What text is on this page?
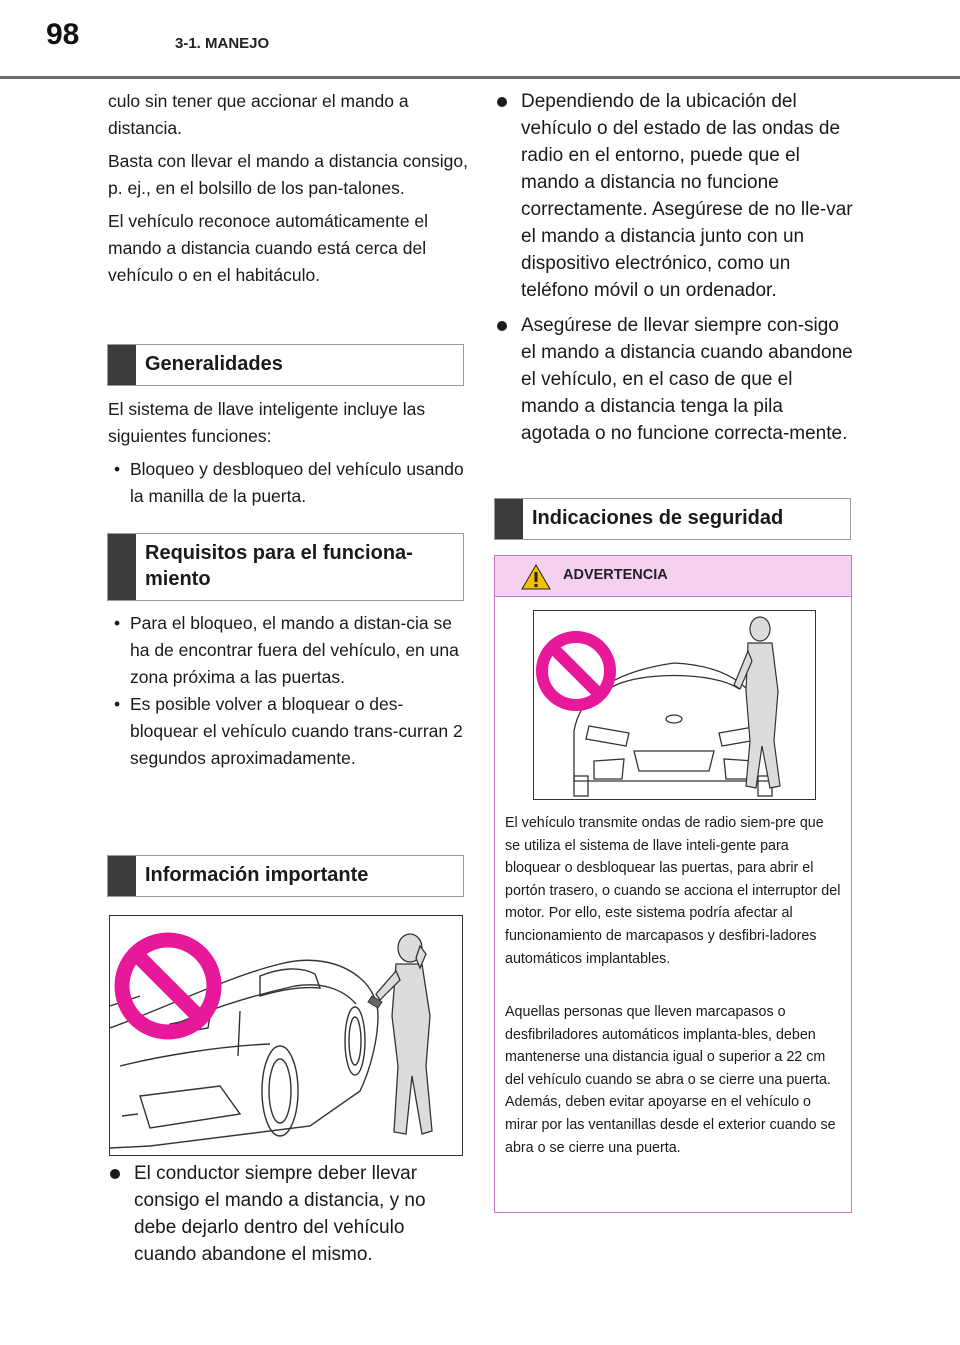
98	3-1. MANEJO

culo sin tener que accionar el mando a distancia.

Basta con llevar el mando a distancia consigo, p. ej., en el bolsillo de los pan-talones.

El vehículo reconoce automáticamente el mando a distancia cuando está cerca del vehículo o en el habitáculo.

Generalidades

El sistema de llave inteligente incluye las siguientes funciones:

• Bloqueo y desbloqueo del vehículo usando la manilla de la puerta.
Requisitos para el funciona-
miento
• Para el bloqueo, el mando a distan-cia se ha de encontrar fuera del vehículo, en una zona próxima a las puertas.
• Es posible volver a bloquear o des-bloquear el vehículo cuando trans-curran 2 segundos aproximadamente.
Información importante
El conductor siempre deber llevar consigo el mando a distancia, y no debe dejarlo dentro del vehículo cuando abandone el mismo.
Dependiendo de la ubicación del vehículo o del estado de las ondas de radio en el entorno, puede que el mando a distancia no funcione correctamente. Asegúrese de no lle-var el mando a distancia junto con un dispositivo electrónico, como un teléfono móvil o un ordenador.
Asegúrese de llevar siempre con-sigo el mando a distancia cuando abandone el vehículo, en el caso de que el mando a distancia tenga la pila agotada o no funcione correcta-mente.
Indicaciones de seguridad
ADVERTENCIA

El vehículo transmite ondas de radio siem-pre que se utiliza el sistema de llave inteli-gente para bloquear o desbloquear las puertas, para abrir el portón trasero, o cuando se acciona el interruptor del motor. Por ello, este sistema podría afectar al funcionamiento de marcapasos y desfibri-ladores automáticos implantables.

Aquellas personas que lleven marcapasos o desfibriladores automáticos implanta-bles, deben mantenerse una distancia igual o superior a 22 cm del vehículo cuando se abra o se cierre una puerta. Además, deben evitar apoyarse en el vehículo o mirar por las ventanillas desde el exterior cuando se abra o se cierre una puerta.
